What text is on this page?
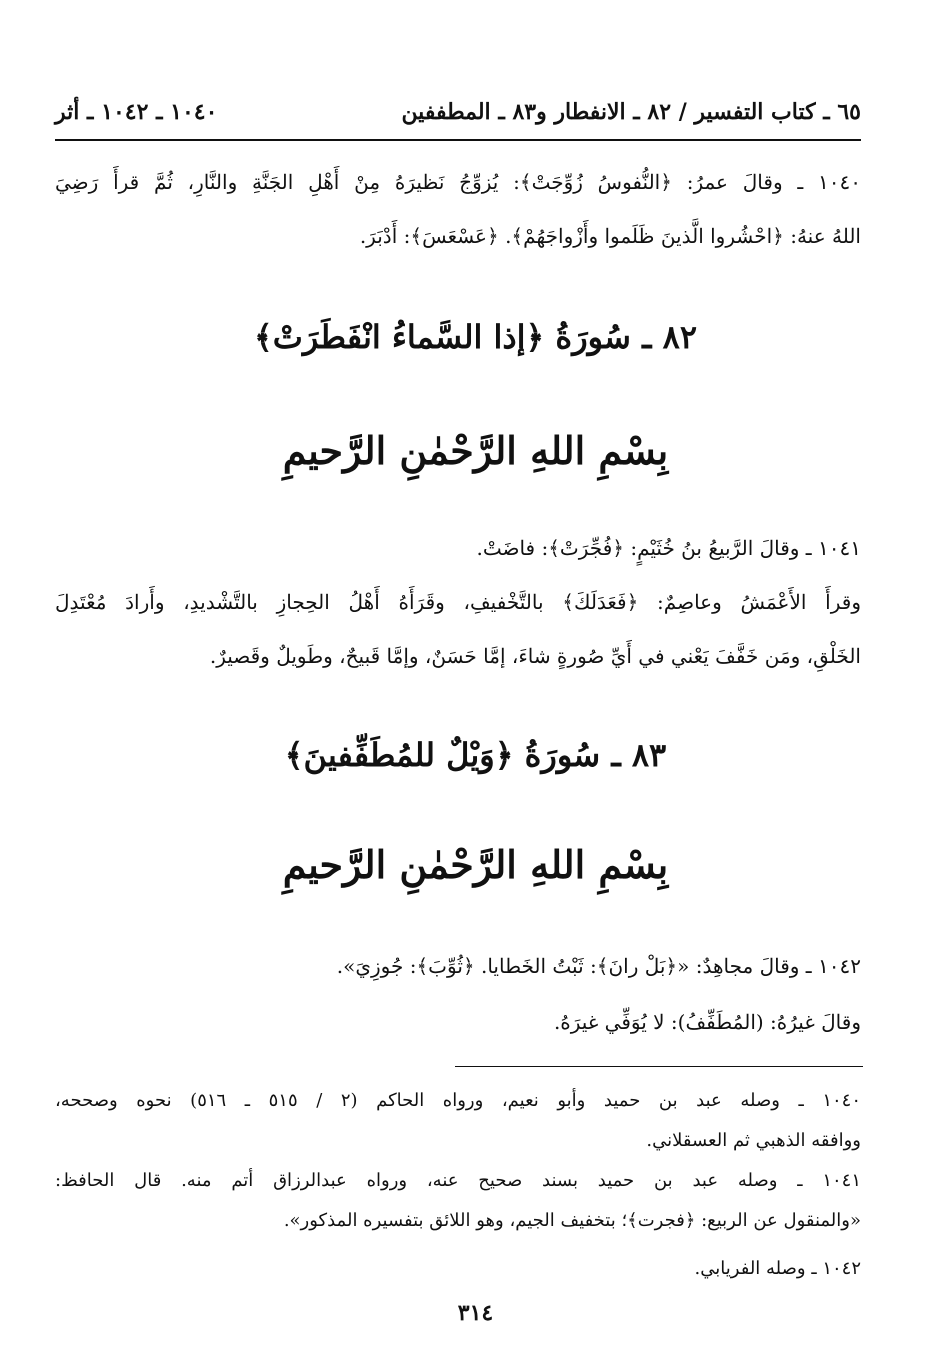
٦٥ ـ كتاب التفسير / ٨٢ ـ الانفطار و٨٣ ـ المطففين
١٠٤٠ ـ ١٠٤٢ ـ أثر
١٠٤٠ ـ وقالَ عمرُ: ﴿النُّفوسُ زُوِّجَتْ﴾: يُزوِّجُ نَظيرَهُ مِنْ أَهْلِ الجَنَّةِ والنَّارِ، ثُمَّ قرأَ رَضِيَ
اللهُ عنهُ: ﴿احْشُروا الَّذينَ ظَلَموا وأَزْواجَهُمْ﴾. ﴿عَسْعَسَ﴾: أَدْبَرَ.
٨٢ ـ سُورَةُ ﴿إذا السَّماءُ انْفَطَرَتْ﴾
بِسْمِ اللهِ الرَّحْمٰنِ الرَّحيمِ
١٠٤١ ـ وقالَ الرَّبيعُ بنُ خُثَيْمٍ: ﴿فُجِّرَتْ﴾: فاضَتْ.
وقرأَ الأَعْمَشُ وعاصِمٌ: ﴿فَعَدَلَكَ﴾ بالتَّخْفيفِ، وقَرَأَهُ أَهْلُ الحِجازِ بالتَّشْديدِ، وأَرادَ مُعْتَدِلَ
الخَلْقِ، ومَن خَفَّفَ يَعْني في أَيِّ صُورةٍ شاءَ، إمَّا حَسَنٌ، وإمَّا قَبيحٌ، وطَويلٌ وقَصيرٌ.
٨٣ ـ سُورَةُ ﴿وَيْلٌ للمُطَفِّفينَ﴾
بِسْمِ اللهِ الرَّحْمٰنِ الرَّحيمِ
١٠٤٢ ـ وقالَ مجاهِدٌ: «﴿بَلْ رانَ﴾: ثَبْتُ الخَطايا. ﴿ثُوِّبَ﴾: جُوزِيَ».
وقالَ غيرُهُ: (المُطَفِّفُ): لا يُوَفِّي غيرَهُ.
١٠٤٠ ـ وصله عبد بن حميد وأبو نعيم، ورواه الحاكم (٢ / ٥١٥ ـ ٥١٦) نحوه وصححه،
ووافقه الذهبي ثم العسقلاني.
١٠٤١ ـ وصله عبد بن حميد بسند صحيح عنه، ورواه عبدالرزاق أتم منه. قال الحافظ:
«والمنقول عن الربيع: ﴿فجرت﴾؛ بتخفيف الجيم، وهو اللائق بتفسيره المذكور».
١٠٤٢ ـ وصله الفريابي.
٣١٤
